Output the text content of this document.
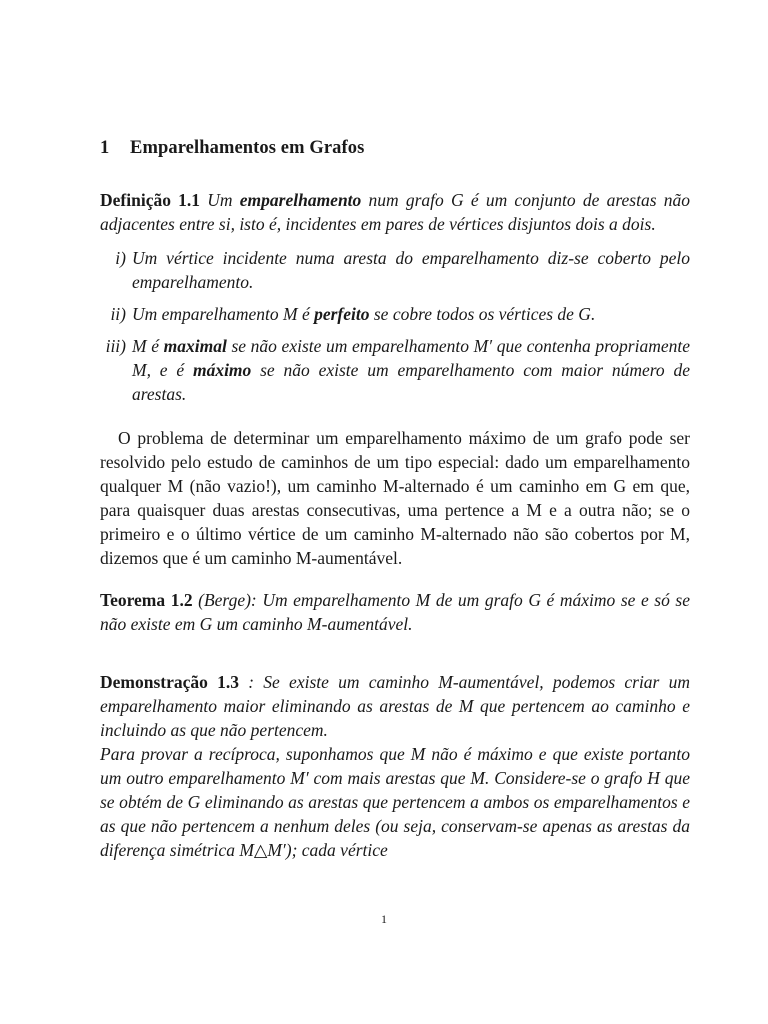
1 Emparelhamentos em Grafos

Definição 1.1 Um emparelhamento num grafo G é um conjunto de arestas não adjacentes entre si, isto é, incidentes em pares de vértices disjuntos dois a dois.

i) Um vértice incidente numa aresta do emparelhamento diz-se coberto pelo emparelhamento.
ii) Um emparelhamento M é perfeito se cobre todos os vértices de G.
iii) M é maximal se não existe um emparelhamento M′ que contenha propriamente M, e é máximo se não existe um emparelhamento com maior número de arestas.

O problema de determinar um emparelhamento máximo de um grafo pode ser resolvido pelo estudo de caminhos de um tipo especial: dado um emparelhamento qualquer M (não vazio!), um caminho M-alternado é um caminho em G em que, para quaisquer duas arestas consecutivas, uma pertence a M e a outra não; se o primeiro e o último vértice de um caminho M-alternado não são cobertos por M, dizemos que é um caminho M-aumentável.

Teorema 1.2 (Berge): Um emparelhamento M de um grafo G é máximo se e só se não existe em G um caminho M-aumentável.

Demonstração 1.3 : Se existe um caminho M-aumentável, podemos criar um emparelhamento maior eliminando as arestas de M que pertencem ao caminho e incluindo as que não pertencem.
Para provar a recíproca, suponhamos que M não é máximo e que existe portanto um outro emparelhamento M′ com mais arestas que M. Considere-se o grafo H que se obtém de G eliminando as arestas que pertencem a ambos os emparelhamentos e as que não pertencem a nenhum deles (ou seja, conservam-se apenas as arestas da diferença simétrica M△M′); cada vértice

1
